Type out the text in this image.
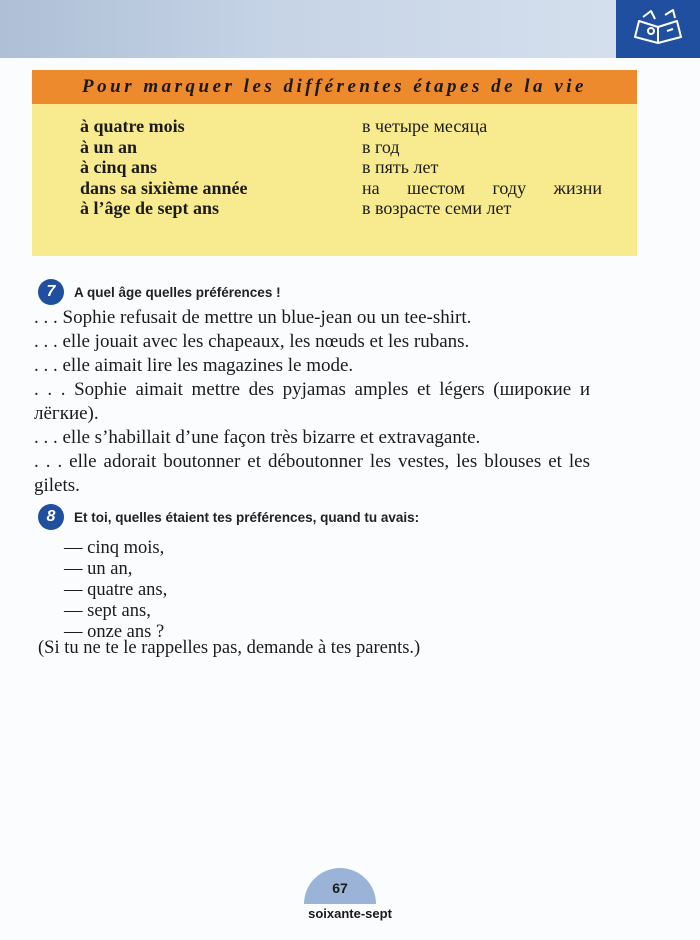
Pour marquer les différentes étapes de la vie
à quatre mois	в четыре месяца
à un an	в год
à cinq ans	в пять лет
dans sa sixième année	на шестом году жизни
à l’âge de sept ans	в возрасте семи лет
7	A quel âge quelles préférences !

. . . Sophie refusait de mettre un blue-jean ou un tee-shirt.

. . . elle jouait avec les chapeaux, les nœuds et les rubans.

. . . elle aimait lire les magazines le mode.

. . . Sophie aimait mettre des pyjamas amples et légers (широкие и лёгкие).

. . . elle s’habillait d’une façon très bizarre et extravagante.

. . . elle adorait boutonner et déboutonner les vestes, les blouses et les gilets.

8	Et toi, quelles étaient tes préférences, quand tu avais:
— cinq mois,
— un an,
— quatre ans,
— sept ans,
— onze ans ?
(Si tu ne te le rappelles pas, demande à tes parents.)
67
soixante-sept
